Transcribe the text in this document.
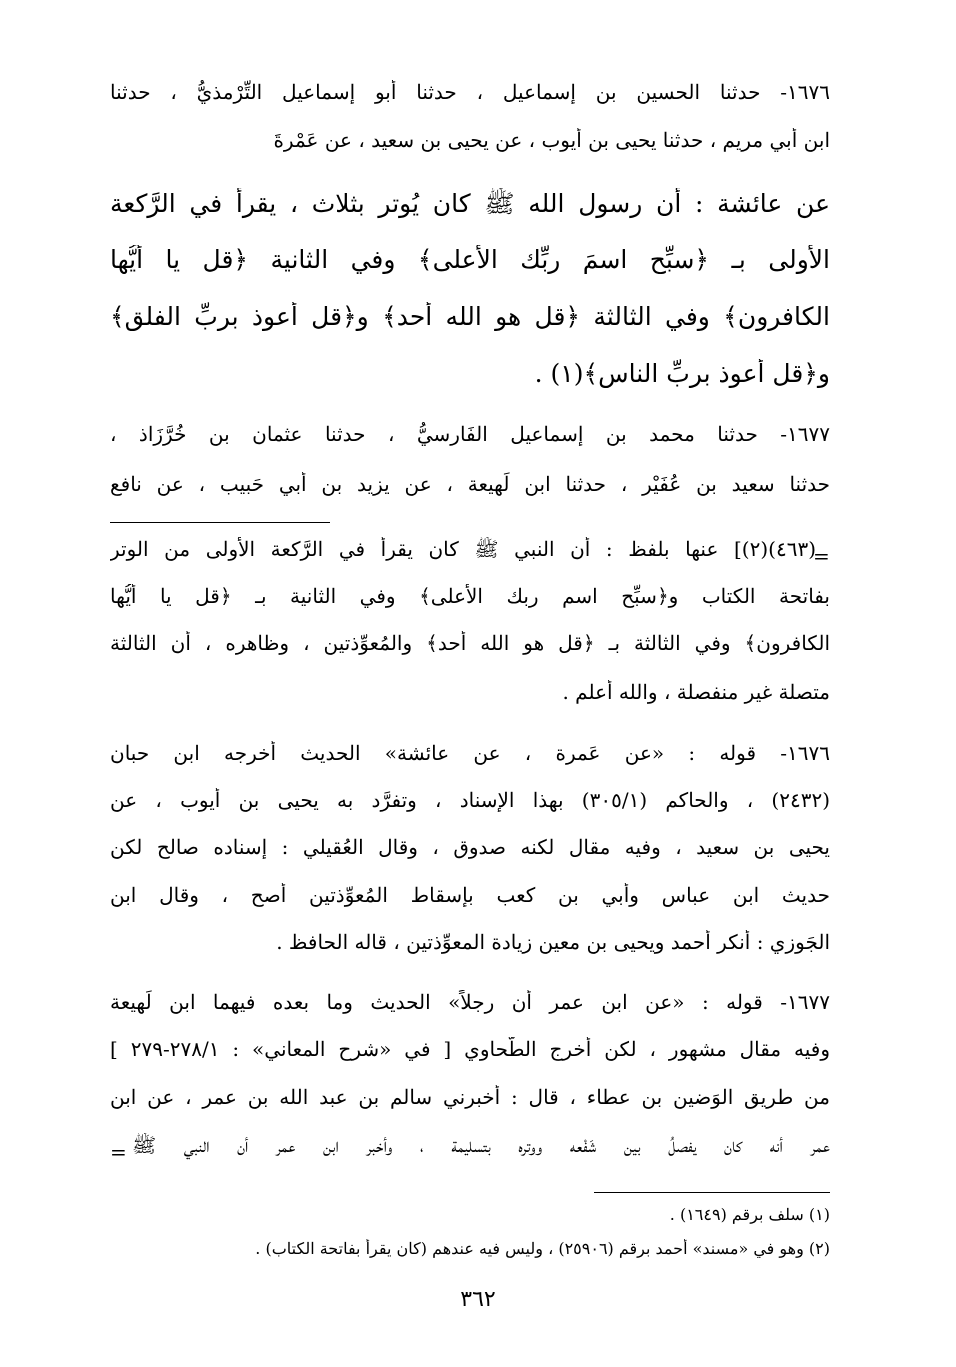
١٦٧٦- حدثنا الحسين بن إسماعيل ، حدثنا أبو إسماعيل التِّرْمذيُّ ، حدثنا

ابن أبي مريم ، حدثنا يحيى بن أيوب ، عن يحيى بن سعيد ، عن عَمْرةَ

عن عائشة : أن رسول الله ﷺ كان يُوتر بثلاث ، يقرأ في الرَّكعة

الأولى بـ ﴿سبِّح اسمَ ربِّك الأعلى﴾ وفي الثانية ﴿قل يا أيُّها

الكافرون﴾ وفي الثالثة ﴿قل هو الله أحد﴾ و﴿قل أعوذ بربِّ الفلق﴾

و﴿قل أعوذ بربِّ الناس﴾(١) .

١٦٧٧- حدثنا محمد بن إسماعيل الفَارسيُّ ، حدثنا عثمان بن خُرَّزَاذ ،

حدثنا سعيد بن عُفَيْر ، حدثنا ابن لَهيعة ، عن يزيد بن أبي حَبيب ، عن نافع

(٤٦٣)(٢)] عنها بلفظ : أن النبي ﷺ كان يقرأ في الرَّكعة الأولى من الوتر

بفاتحة الكتاب و﴿سبِّح اسم ربك الأعلى﴾ وفي الثانية بـ ﴿قل يا أيُّها

الكافرون﴾ وفي الثالثة بـ ﴿قل هو الله أحد﴾ والمُعوِّذتين ، وظاهره ، أن الثالثة

متصلة غير منفصلة ، والله أعلم .

١٦٧٦- قوله : «عن عَمرة ، عن عائشة» الحديث أخرجه ابن حبان

(٢٤٣٢) ، والحاكم (٣٠٥/١) بهذا الإسناد ، وتفرَّد به يحيى بن أيوب ، عن

يحيى بن سعيد ، وفيه مقال لكنه صدوق ، وقال العُقيلي : إسناده صالح لكن

حديث ابن عباس وأُبي بن كعب بإسقاط المُعوِّذتين أصح ، وقال ابن

الجَوزي : أنكر أحمد ويحيى بن معين زيادة المعوِّذتين ، قاله الحافظ .

١٦٧٧- قوله : «عن ابن عمر أن رجلاً» الحديث وما بعده فيهما ابن لَهيعة

وفيه مقال مشهور ، لكن أخرج الطَّحاوي [ في «شرح المعاني» : ٢٧٨/١-٢٧٩ ]

من طريق الوَضين بن عطاء ، قال : أخبرني سالم بن عبد الله بن عمر ، عن ابن

عمر أنه كان يفصلُ بين شَفْعه ووتره بتسليمة ، وأخبر ابن عمر أن النبي ﷺ

(١) سلف برقم (١٦٤٩) .

(٢) وهو في «مسند» أحمد برقم (٢٥٩٠٦) ، وليس فيه عندهم (كان يقرأ بفاتحة الكتاب) .

=
=
٣٦٢
